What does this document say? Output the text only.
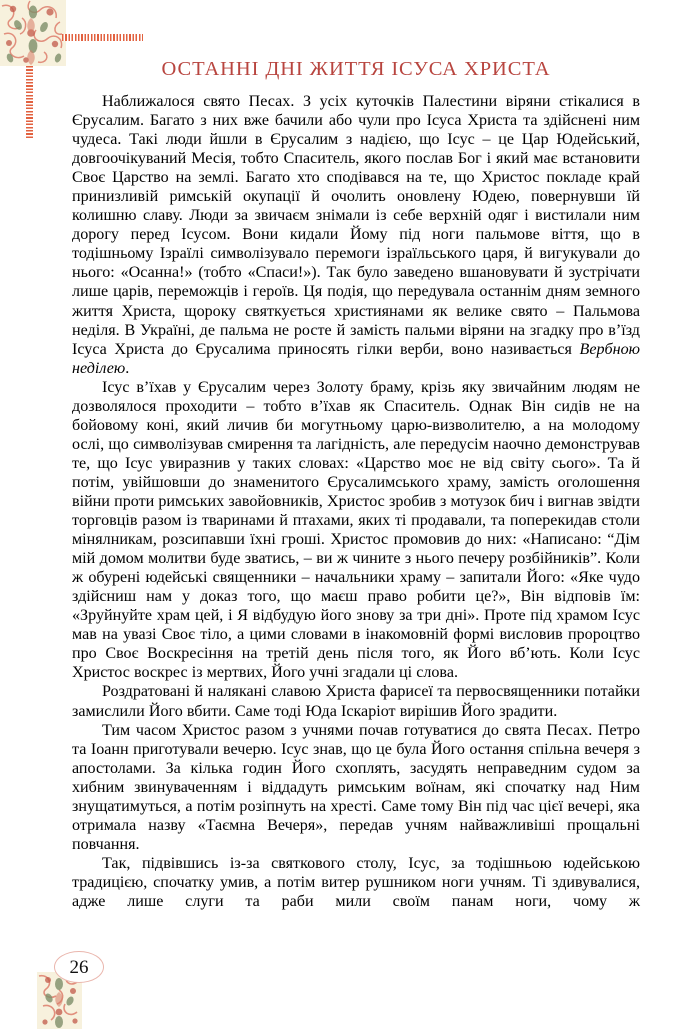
ОСТАННІ ДНІ ЖИТТЯ ІСУСА ХРИСТА

Наближалося свято Песах. З усіх куточків Палестини віряни стікалися в Єрусалим. Багато з них вже бачили або чули про Ісуса Христа та здійснені ним чудеса. Такі люди йшли в Єрусалим з надією, що Ісус – це Цар Юдейський, довгоочікуваний Месія, тобто Спаситель, якого послав Бог і який має встановити Своє Царство на землі. Багато хто сподівався на те, що Христос покладе край принизливій римській окупації й очолить оновлену Юдею, повернувши їй колишню славу. Люди за звичаєм знімали із себе верхній одяг і вистилали ним дорогу перед Ісусом. Вони кидали Йому під ноги пальмове віття, що в тодішньому Ізраїлі символізувало перемоги ізраїльського царя, й вигукували до нього: «Осанна!» (тобто «Спаси!»). Так було заведено вшановувати й зустрічати лише царів, переможців і героїв. Ця подія, що передувала останнім дням земного життя Христа, щороку святкується християнами як велике свято – Пальмова неділя. В Україні, де пальма не росте й замість пальми віряни на згадку про в’їзд Ісуса Христа до Єрусалима приносять гілки верби, воно називається Вербною неділею.

Ісус в’їхав у Єрусалим через Золоту браму, крізь яку звичайним людям не дозволялося проходити – тобто в’їхав як Спаситель. Однак Він сидів не на бойовому коні, який личив би могутньому царю-визволителю, а на молодому ослі, що символізував смирення та лагідність, але передусім наочно демонстрував те, що Ісус увиразнив у таких словах: «Царство моє не від світу сього». Та й потім, увійшовши до знаменитого Єрусалимського храму, замість оголошення війни проти римських завойовників, Христос зробив з мотузок бич і вигнав звідти торговців разом із тваринами й птахами, яких ті продавали, та поперекидав столи мінялникам, розсипавши їхні гроші. Христос промовив до них: «Написано: “Дім мій домом молитви буде зватись, – ви ж чините з нього печеру розбійників”. Коли ж обурені юдейські священники – начальники храму – запитали Його: «Яке чудо здійсниш нам у доказ того, що маєш право робити це?», Він відповів їм: «Зруйнуйте храм цей, і Я відбудую його знову за три дні». Проте під храмом Ісус мав на увазі Своє тіло, а цими словами в інакомовній формі висловив пророцтво про Своє Воскресіння на третій день після того, як Його вб’ють. Коли Ісус Христос воскрес із мертвих, Його учні згадали ці слова.

Роздратовані й налякані славою Христа фарисеї та первосвященники потайки замислили Його вбити. Саме тоді Юда Іскаріот вирішив Його зрадити.

Тим часом Христос разом з учнями почав готуватися до свята Песах. Петро та Іоанн приготували вечерю. Ісус знав, що це була Його остання спільна вечеря з апостолами. За кілька годин Його схоплять, засудять неправедним судом за хибним звинуваченням і віддадуть римським воїнам, які спочатку над Ним знущатимуться, а потім розіпнуть на хресті. Саме тому Він під час цієї вечері, яка отримала назву «Таємна Вечеря», передав учням найважливіші прощальні повчання.

Так, підвівшись із-за святкового столу, Ісус, за тодішньою юдейською традицією, спочатку умив, а потім витер рушником ноги учням. Ті здивувалися, адже лише слуги та раби мили своїм панам ноги, чому ж

26
